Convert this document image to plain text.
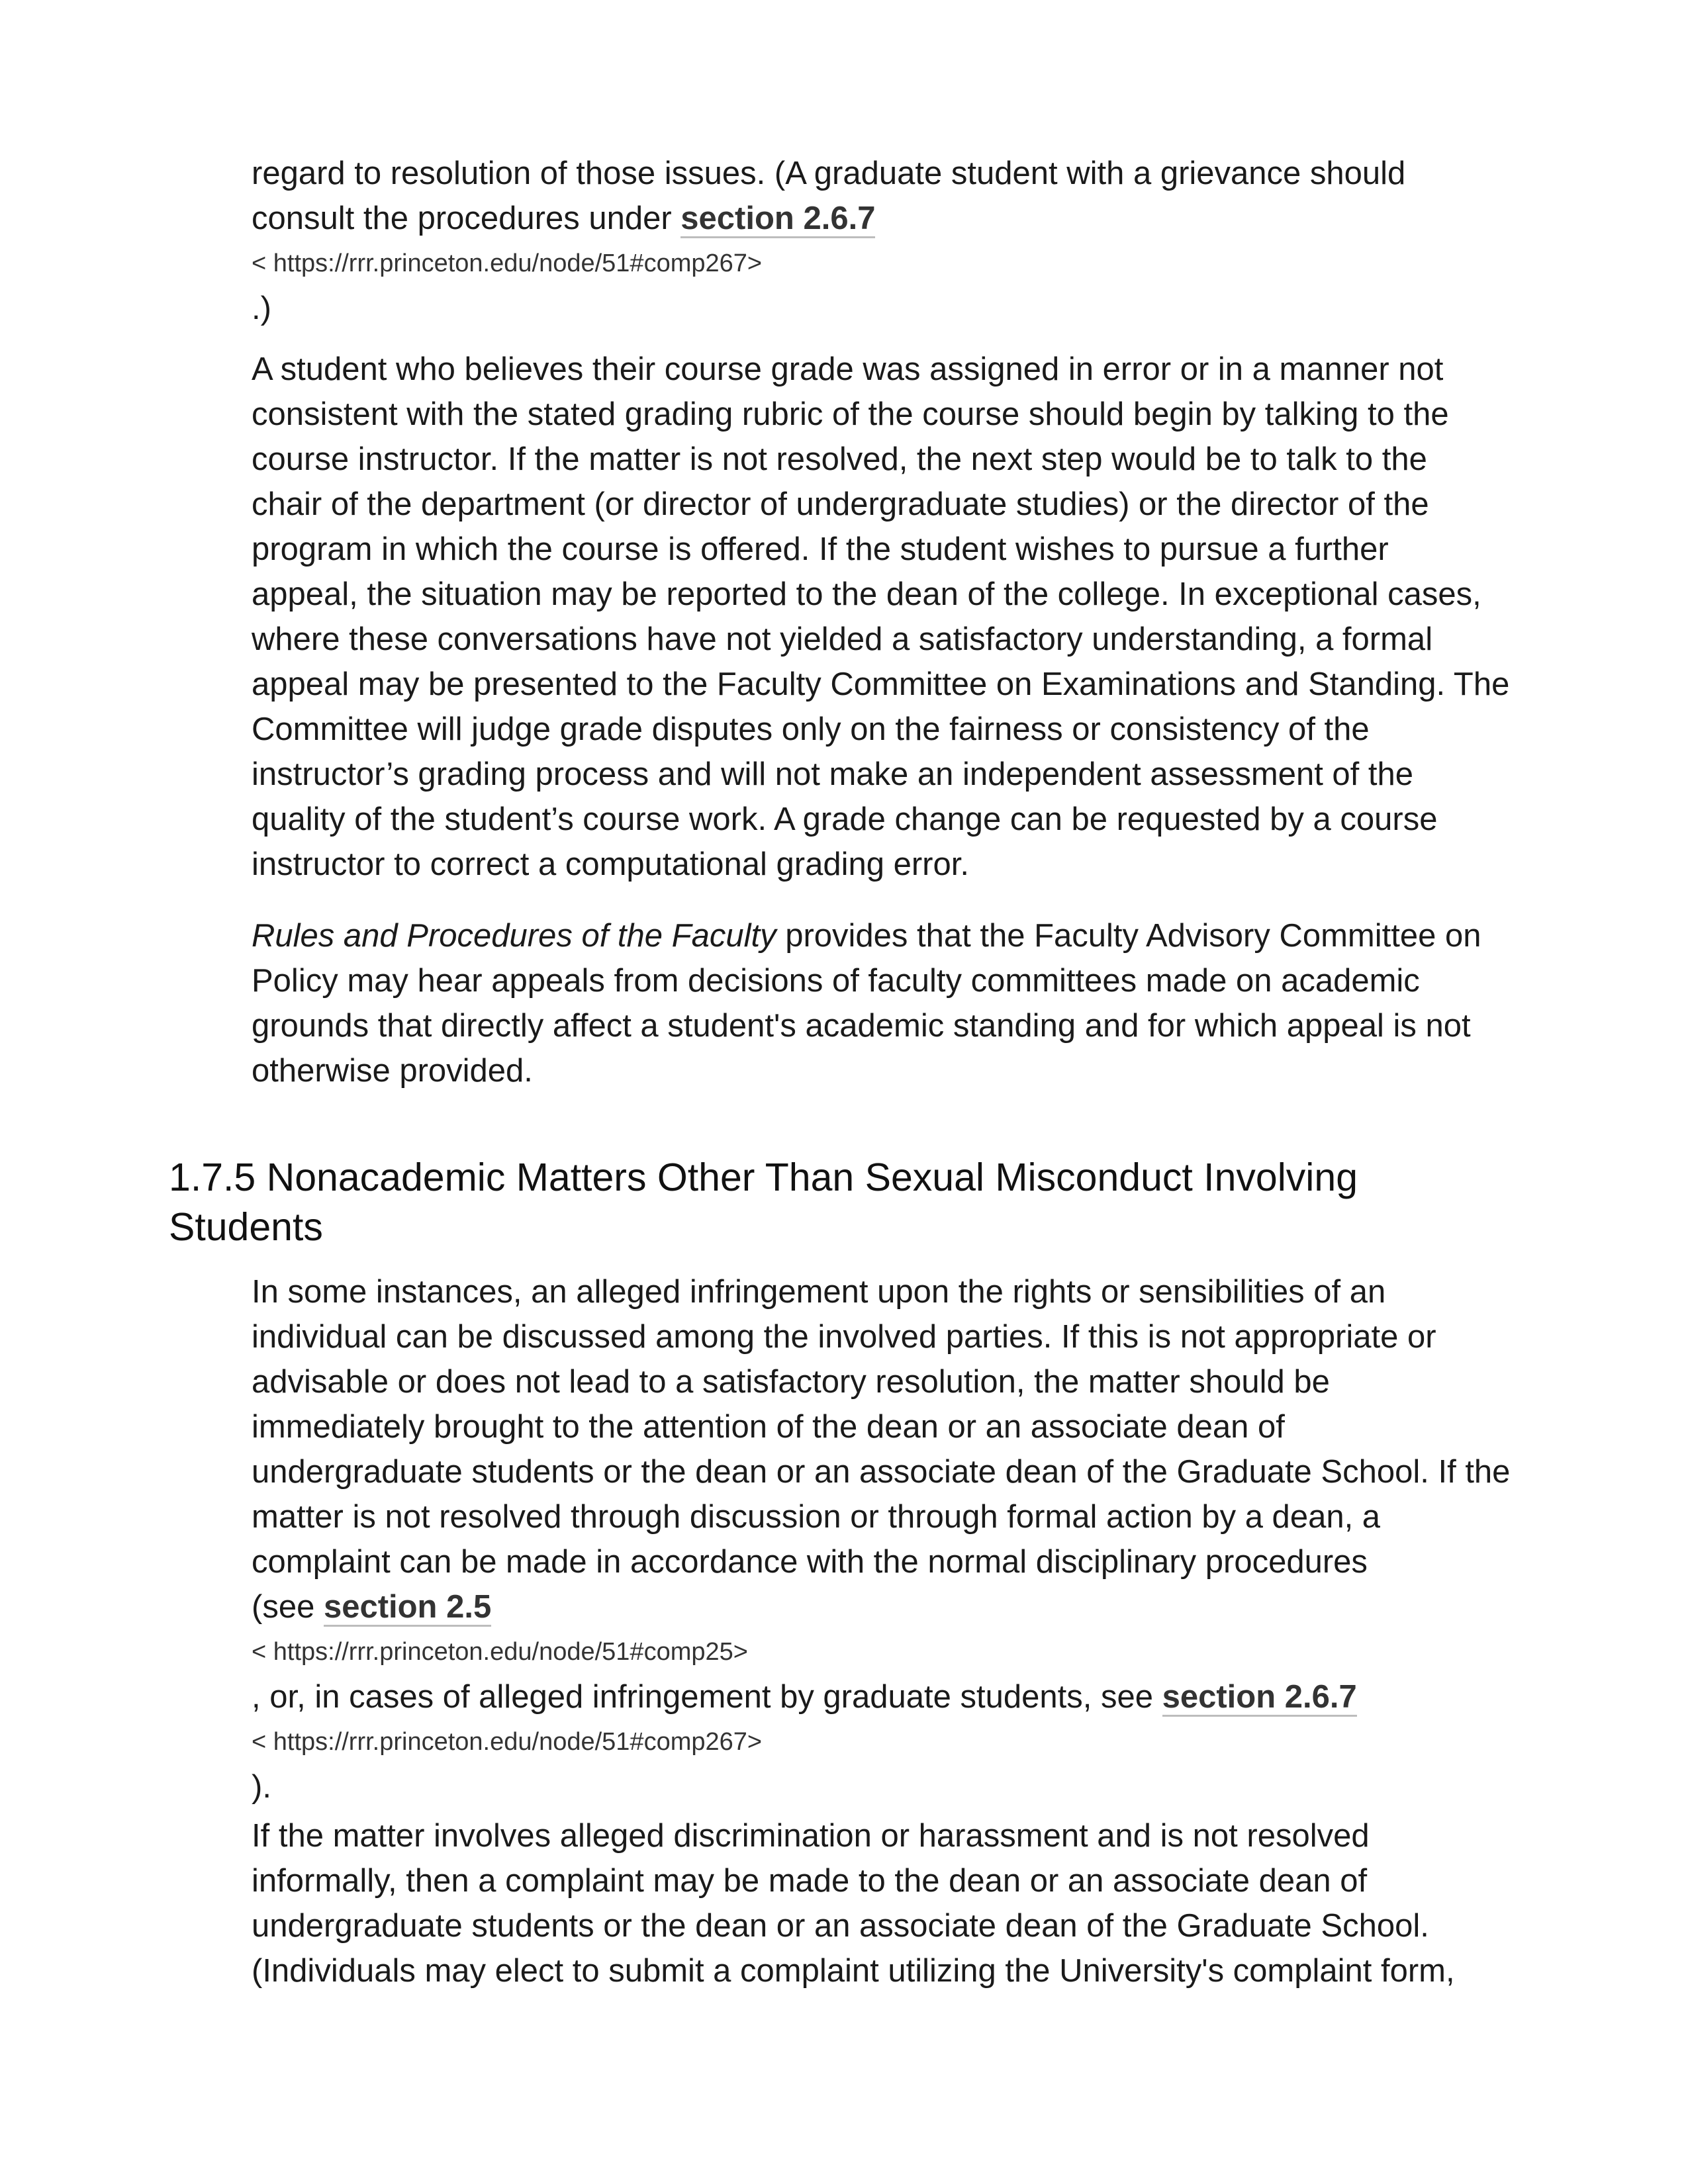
regard to resolution of those issues. (A graduate student with a grievance should

consult the procedures under section 2.6.7

< https://rrr.princeton.edu/node/51#comp267>

.)

A student who believes their course grade was assigned in error or in a manner not

consistent with the stated grading rubric of the course should begin by talking to the

course instructor. If the matter is not resolved, the next step would be to talk to the

chair of the department (or director of undergraduate studies) or the director of the

program in which the course is offered. If the student wishes to pursue a further

appeal, the situation may be reported to the dean of the college. In exceptional cases,

where these conversations have not yielded a satisfactory understanding, a formal

appeal may be presented to the Faculty Committee on Examinations and Standing. The

Committee will judge grade disputes only on the fairness or consistency of the

instructor’s grading process and will not make an independent assessment of the

quality of the student’s course work. A grade change can be requested by a course

instructor to correct a computational grading error.

Rules and Procedures of the Faculty provides that the Faculty Advisory Committee on

Policy may hear appeals from decisions of faculty committees made on academic

grounds that directly affect a student's academic standing and for which appeal is not

otherwise provided.

1.7.5 Nonacademic Matters Other Than Sexual Misconduct Involving
Students

In some instances, an alleged infringement upon the rights or sensibilities of an

individual can be discussed among the involved parties. If this is not appropriate or

advisable or does not lead to a satisfactory resolution, the matter should be

immediately brought to the attention of the dean or an associate dean of

undergraduate students or the dean or an associate dean of the Graduate School. If the

matter is not resolved through discussion or through formal action by a dean, a

complaint can be made in accordance with the normal disciplinary procedures

(see section 2.5

< https://rrr.princeton.edu/node/51#comp25>

, or, in cases of alleged infringement by graduate students, see section 2.6.7

< https://rrr.princeton.edu/node/51#comp267>

).

If the matter involves alleged discrimination or harassment and is not resolved

informally, then a complaint may be made to the dean or an associate dean of

undergraduate students or the dean or an associate dean of the Graduate School.

(Individuals may elect to submit a complaint utilizing the University's complaint form,
